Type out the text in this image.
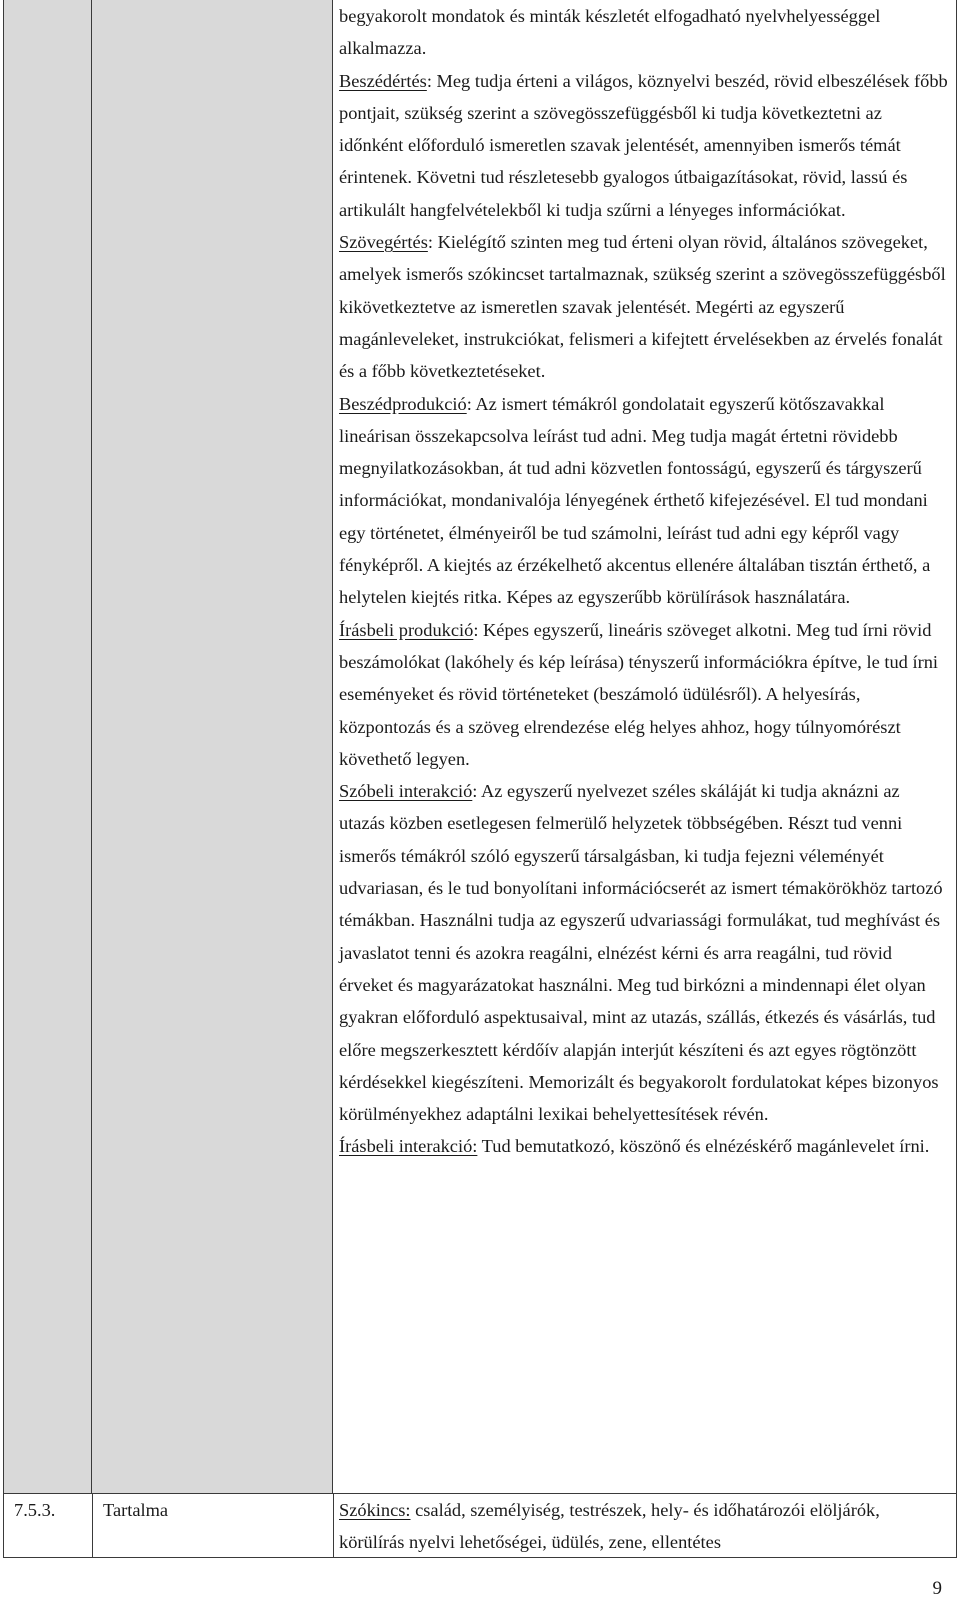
begyakorolt mondatok és minták készletét elfogadható nyelvhelyességgel alkalmazza.

Beszédértés: Meg tudja érteni a világos, köznyelvi beszéd, rövid elbeszélések főbb pontjait, szükség szerint a szövegösszefüggésből ki tudja következtetni az időnként előforduló ismeretlen szavak jelentését, amennyiben ismerős témát érintenek. Követni tud részletesebb gyalogos útbaigazításokat, rövid, lassú és artikulált hangfelvételekből ki tudja szűrni a lényeges információkat.

Szövegértés: Kielégítő szinten meg tud érteni olyan rövid, általános szövegeket, amelyek ismerős szókincset tartalmaznak, szükség szerint a szövegösszefüggésből kikövetkeztetve az ismeretlen szavak jelentését. Megérti az egyszerű magánleveleket, instrukciókat, felismeri a kifejtett érvelésekben az érvelés fonalát és a főbb következtetéseket.

Beszédprodukció: Az ismert témákról gondolatait egyszerű kötőszavakkal lineárisan összekapcsolva leírást tud adni. Meg tudja magát értetni rövidebb megnyilatkozásokban, át tud adni közvetlen fontosságú, egyszerű és tárgyszerű információkat, mondanivalója lényegének érthető kifejezésével. El tud mondani egy történetet, élményeiről be tud számolni, leírást tud adni egy képről vagy fényképről. A kiejtés az érzékelhető akcentus ellenére általában tisztán érthető, a helytelen kiejtés ritka. Képes az egyszerűbb körülírások használatára.

Írásbeli produkció: Képes egyszerű, lineáris szöveget alkotni. Meg tud írni rövid beszámolókat (lakóhely és kép leírása) tényszerű információkra építve, le tud írni eseményeket és rövid történeteket (beszámoló üdülésről). A helyesírás, központozás és a szöveg elrendezése elég helyes ahhoz, hogy túlnyomórészt követhető legyen.

Szóbeli interakció: Az egyszerű nyelvezet széles skáláját ki tudja aknázni az utazás közben esetlegesen felmerülő helyzetek többségében. Részt tud venni ismerős témákról szóló egyszerű társalgásban, ki tudja fejezni véleményét udvariasan, és le tud bonyolítani információcserét az ismert témakörökhöz tartozó témákban. Használni tudja az egyszerű udvariassági formulákat, tud meghívást és javaslatot tenni és azokra reagálni, elnézést kérni és arra reagálni, tud rövid érveket és magyarázatokat használni. Meg tud birkózni a mindennapi élet olyan gyakran előforduló aspektusaival, mint az utazás, szállás, étkezés és vásárlás, tud előre megszerkesztett kérdőív alapján interjút készíteni és azt egyes rögtönzött kérdésekkel kiegészíteni. Memorizált és begyakorolt fordulatokat képes bizonyos körülményekhez adaptálni lexikai behelyettesítések révén.

Írásbeli interakció: Tud bemutatkozó, köszönő és elnézéskérő magánlevelet írni.

7.5.3.	Tartalma	Szókincs: család, személyiség, testrészek, hely- és időhatározói elöljárók, körülírás nyelvi lehetőségei, üdülés, zene, ellentétes
9
